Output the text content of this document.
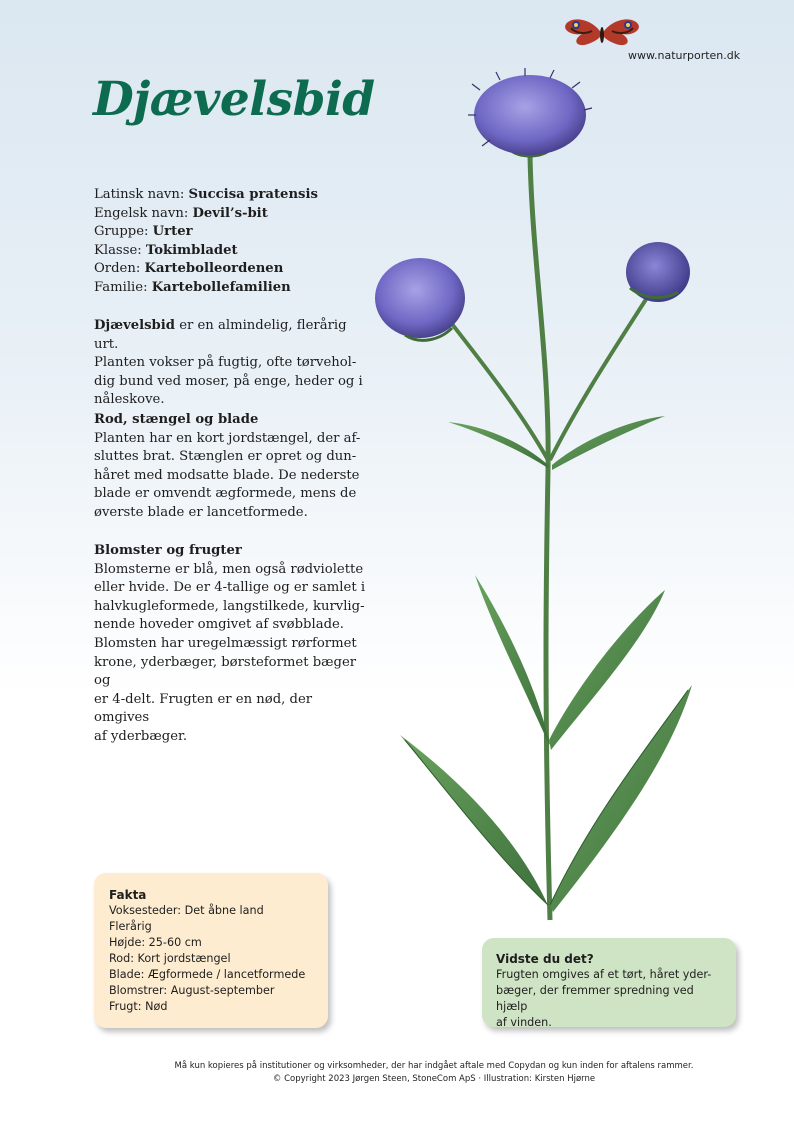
www.naturporten.dk
Djævelsbid
Latinsk navn: Succisa pratensis
Engelsk navn: Devil’s-bit
Gruppe: Urter
Klasse: Tokimbladet
Orden: Kartebolleordenen
Familie: Kartebollefamilien
Djævelsbid er en almindelig, flerårig urt.
Planten vokser på fugtig, ofte tørvehol-
dig bund ved moser, på enge, heder og i
nåleskove.
Rod, stængel og blade
Planten har en kort jordstængel, der af-
sluttes brat. Stænglen er opret og dun-
håret med modsatte blade. De nederste
blade er omvendt ægformede, mens de
øverste blade er lancetformede.
Blomster og frugter
Blomsterne er blå, men også rødviolette
eller hvide. De er 4-tallige og er samlet i
halvkugleformede, langstilkede, kurvlig-
nende hoveder omgivet af svøbblade.
Blomsten har uregelmæssigt rørformet
krone, yderbæger, børsteformet bæger og
er 4-delt. Frugten er en nød, der omgives
af yderbæger.
Fakta
Voksesteder: Det åbne land
Flerårig
Højde: 25-60 cm
Rod: Kort jordstængel
Blade: Ægformede / lancetformede
Blomstrer: August-september
Frugt: Nød
Vidste du det?
Frugten omgives af et tørt, håret yder-
bæger, der fremmer spredning ved hjælp
af vinden.
Må kun kopieres på institutioner og virksomheder, der har indgået aftale med Copydan og kun inden for aftalens rammer.
© Copyright 2023 Jørgen Steen, StoneCom ApS · Illustration: Kirsten Hjørne
